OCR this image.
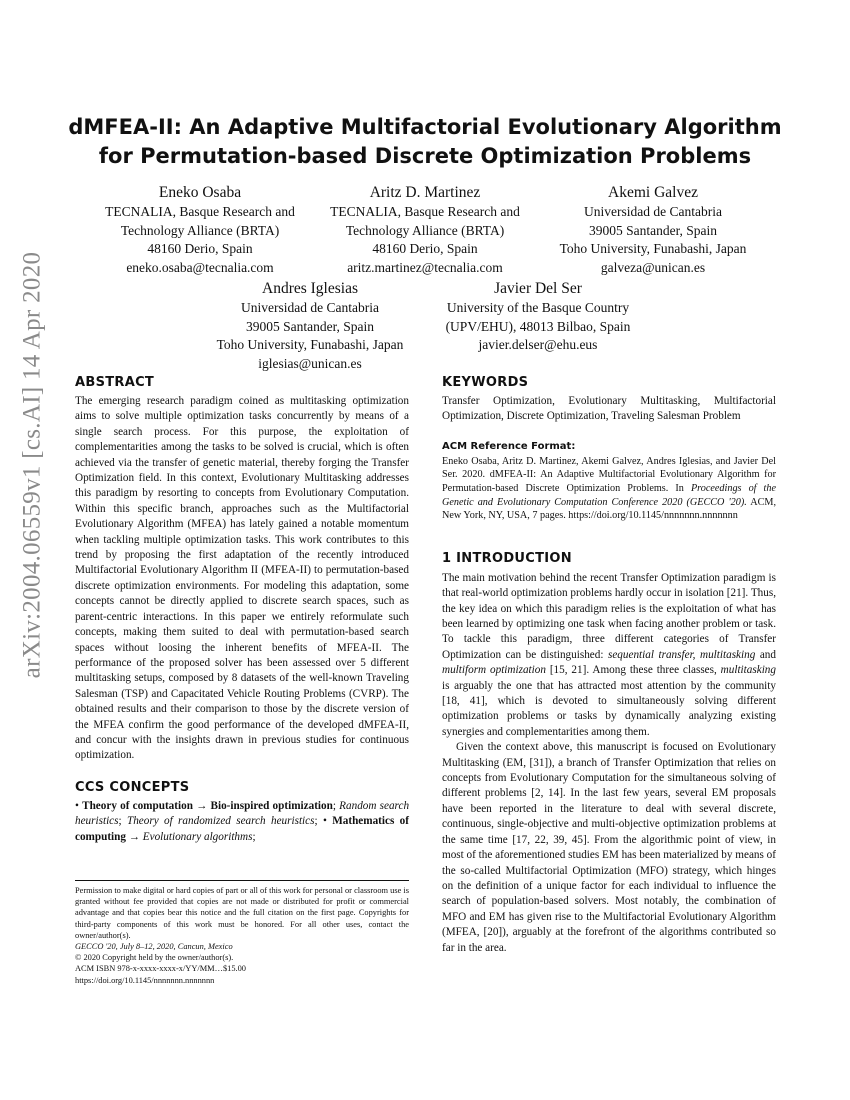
arXiv:2004.06559v1 [cs.AI] 14 Apr 2020
dMFEA-II: An Adaptive Multifactorial Evolutionary Algorithm
for Permutation-based Discrete Optimization Problems
Eneko Osaba
TECNALIA, Basque Research and
Technology Alliance (BRTA)
48160 Derio, Spain
eneko.osaba@tecnalia.com
Aritz D. Martinez
TECNALIA, Basque Research and
Technology Alliance (BRTA)
48160 Derio, Spain
aritz.martinez@tecnalia.com
Akemi Galvez
Universidad de Cantabria
39005 Santander, Spain
Toho University, Funabashi, Japan
galveza@unican.es
Andres Iglesias
Universidad de Cantabria
39005 Santander, Spain
Toho University, Funabashi, Japan
iglesias@unican.es
Javier Del Ser
University of the Basque Country
(UPV/EHU), 48013 Bilbao, Spain
javier.delser@ehu.eus
ABSTRACT

The emerging research paradigm coined as multitasking optimization aims to solve multiple optimization tasks concurrently by means of a single search process. For this purpose, the exploitation of complementarities among the tasks to be solved is crucial, which is often achieved via the transfer of genetic material, thereby forging the Transfer Optimization field. In this context, Evolutionary Multitasking addresses this paradigm by resorting to concepts from Evolutionary Computation. Within this specific branch, approaches such as the Multifactorial Evolutionary Algorithm (MFEA) has lately gained a notable momentum when tackling multiple optimization tasks. This work contributes to this trend by proposing the first adaptation of the recently introduced Multifactorial Evolutionary Algorithm II (MFEA-II) to permutation-based discrete optimization environments. For modeling this adaptation, some concepts cannot be directly applied to discrete search spaces, such as parent-centric interactions. In this paper we entirely reformulate such concepts, making them suited to deal with permutation-based search spaces without loosing the inherent benefits of MFEA-II. The performance of the proposed solver has been assessed over 5 different multitasking setups, composed by 8 datasets of the well-known Traveling Salesman (TSP) and Capacitated Vehicle Routing Problems (CVRP). The obtained results and their comparison to those by the discrete version of the MFEA confirm the good performance of the developed dMFEA-II, and concur with the insights drawn in previous studies for continuous optimization.

CCS CONCEPTS

• Theory of computation → Bio-inspired optimization; Random search heuristics; Theory of randomized search heuristics; • Mathematics of computing → Evolutionary algorithms;

Permission to make digital or hard copies of part or all of this work for personal or classroom use is granted without fee provided that copies are not made or distributed for profit or commercial advantage and that copies bear this notice and the full citation on the first page. Copyrights for third-party components of this work must be honored. For all other uses, contact the owner/author(s).

GECCO '20, July 8–12, 2020, Cancun, Mexico
© 2020 Copyright held by the owner/author(s).
ACM ISBN 978-x-xxxx-xxxx-x/YY/MM…$15.00
https://doi.org/10.1145/nnnnnnn.nnnnnnn
KEYWORDS

Transfer Optimization, Evolutionary Multitasking, Multifactorial Optimization, Discrete Optimization, Traveling Salesman Problem

ACM Reference Format:

Eneko Osaba, Aritz D. Martinez, Akemi Galvez, Andres Iglesias, and Javier Del Ser. 2020. dMFEA-II: An Adaptive Multifactorial Evolutionary Algorithm for Permutation-based Discrete Optimization Problems. In Proceedings of the Genetic and Evolutionary Computation Conference 2020 (GECCO '20). ACM, New York, NY, USA, 7 pages. https://doi.org/10.1145/nnnnnnn.nnnnnnn

1 INTRODUCTION

The main motivation behind the recent Transfer Optimization paradigm is that real-world optimization problems hardly occur in isolation [21]. Thus, the key idea on which this paradigm relies is the exploitation of what has been learned by optimizing one task when facing another problem or task. To tackle this paradigm, three different categories of Transfer Optimization can be distinguished: sequential transfer, multitasking and multiform optimization [15, 21]. Among these three classes, multitasking is arguably the one that has attracted most attention by the community [18, 41], which is devoted to simultaneously solving different optimization problems or tasks by dynamically analyzing existing synergies and complementarities among them.

Given the context above, this manuscript is focused on Evolutionary Multitasking (EM, [31]), a branch of Transfer Optimization that relies on concepts from Evolutionary Computation for the simultaneous solving of different problems [2, 14]. In the last few years, several EM proposals have been reported in the literature to deal with several discrete, continuous, single-objective and multi-objective optimization problems at the same time [17, 22, 39, 45]. From the algorithmic point of view, in most of the aforementioned studies EM has been materialized by means of the so-called Multifactorial Optimization (MFO) strategy, which hinges on the definition of a unique factor for each individual to influence the search of population-based solvers. Most notably, the combination of MFO and EM has given rise to the Multifactorial Evolutionary Algorithm (MFEA, [20]), arguably at the forefront of the algorithms contributed so far in the area.
